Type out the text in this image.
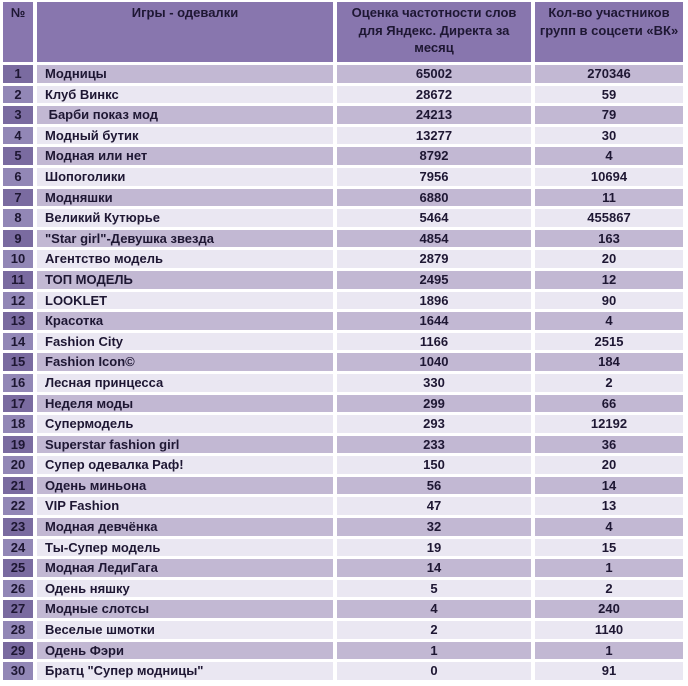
№	Игры - одевалки	Оценка частотности слов для Яндекс. Директа за месяц	Кол-во участников групп в соцсети «ВК»
1	Модницы	65002	270346
2	Клуб Винкс	28672	59
3	Барби показ мод	24213	79
4	Модный бутик	13277	30
5	Модная или нет	8792	4
6	Шопоголики	7956	10694
7	Модняшки	6880	11
8	Великий Кутюрье	5464	455867
9	"Star girl"-Девушка звезда	4854	163
10	Агентство модель	2879	20
11	ТОП МОДЕЛЬ	2495	12
12	LOOKLET	1896	90
13	Красотка	1644	4
14	Fashion City	1166	2515
15	Fashion Icon©	1040	184
16	Лесная принцесса	330	2
17	Неделя моды	299	66
18	Супермодель	293	12192
19	Superstar fashion girl	233	36
20	Супер одевалка Раф!	150	20
21	Одень миньона	56	14
22	VIP Fashion	47	13
23	Модная девчёнка	32	4
24	Ты-Супер модель	19	15
25	Модная ЛедиГага	14	1
26	Одень няшку	5	2
27	Модные слотсы	4	240
28	Веселые шмотки	2	1140
29	Одень Фэри	1	1
30	Братц "Супер модницы"	0	91
